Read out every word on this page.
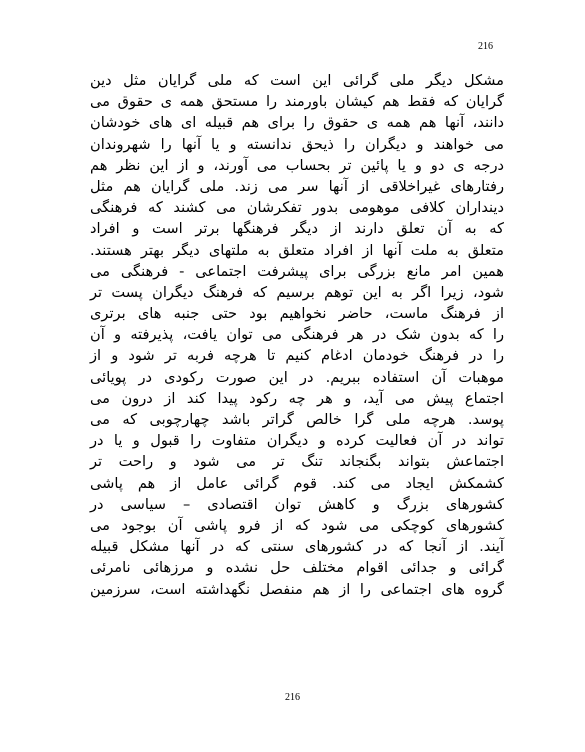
216
مشکل دیگر ملی گرائی این است که ملی گرایان مثل دین
گرایان که فقط هم کیشان باورمند را مستحق همه ی حقوق می
دانند، آنها هم همه ی حقوق را برای هم قبیله ای های خودشان
می خواهند و دیگران را ذیحق ندانسته و یا آنها را شهروندان
درجه ی دو و یا پائین تر بحساب می آورند، و از این نظر هم
رفتارهای غیراخلاقی از آنها سر می زند. ملی گرایان هم مثل
دینداران کلافی موهومی بدور تفکرشان می کشند که فرهنگی
که به آن تعلق دارند از دیگر فرهنگها برتر است و افراد
متعلق به ملت آنها از افراد متعلق به ملتهای دیگر بهتر هستند.
همین امر مانع بزرگی برای پیشرفت اجتماعی - فرهنگی می
شود، زیرا اگر به این توهم برسیم که فرهنگ دیگران پست تر
از فرهنگ ماست، حاضر نخواهیم بود حتی جنبه های برتری
را که بدون شک در هر فرهنگی می توان یافت، پذیرفته و آن
را در فرهنگ خودمان ادغام کنیم تا هرچه فربه تر شود و از
موهبات آن استفاده ببریم. در این صورت رکودی در پویائی
اجتماع پیش می آید، و هر چه رکود پیدا کند از درون می
پوسد. هرچه ملی گرا خالص گراتر باشد چهارچوبی که می
تواند در آن فعالیت کرده و دیگران متفاوت را قبول و یا در
اجتماعش بتواند بگنجاند تنگ تر می شود و راحت تر
کشمکش ایجاد می کند. قوم گرائی عامل از هم پاشی
کشورهای بزرگ و کاهش توان اقتصادی – سیاسی در
کشورهای کوچکی می شود که از فرو پاشی آن بوجود می
آیند. از آنجا که در کشورهای سنتی که در آنها مشکل قبیله
گرائی و جدائی اقوام مختلف حل نشده و مرزهائی نامرئی
گروه های اجتماعی را از هم منفصل نگهداشته است، سرزمین
216
